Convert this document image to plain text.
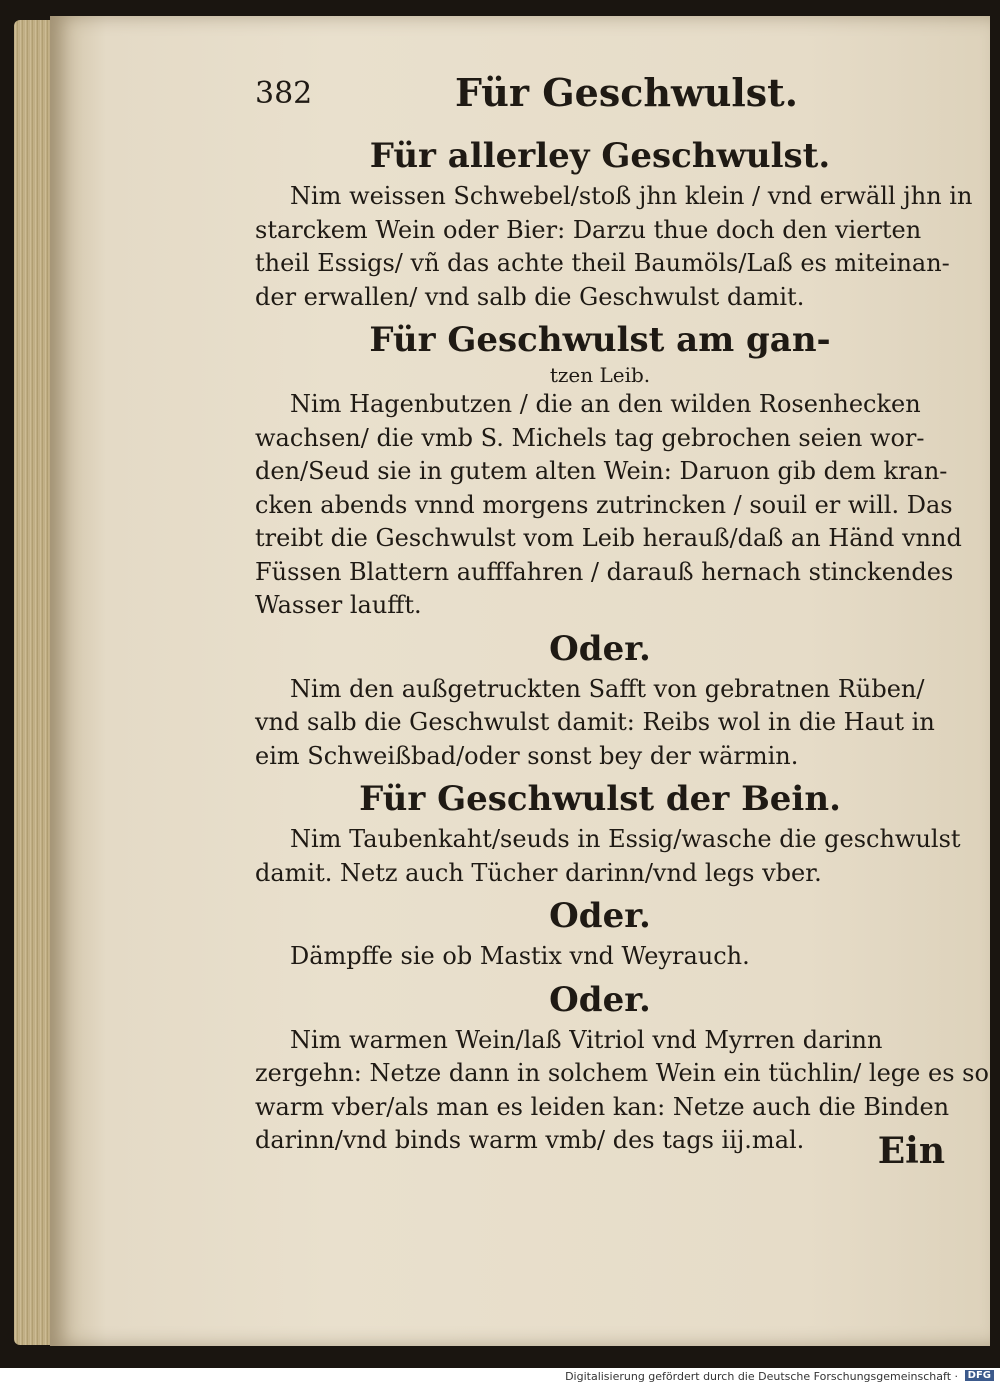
382	Für Geschwulst.
Für allerley Geschwulst.

Nim weissen Schwebel/stoß jhn klein / vnd erwäll jhn in
starckem Wein oder Bier: Darzu thue doch den vierten
theil Essigs/ vñ das achte theil Baumöls/Laß es miteinan-
der erwallen/ vnd salb die Geschwulst damit.

Für Geschwulst am gan-
tzen Leib.

Nim Hagenbutzen / die an den wilden Rosenhecken
wachsen/ die vmb S. Michels tag gebrochen seien wor-
den/Seud sie in gutem alten Wein: Daruon gib dem kran-
cken abends vnnd morgens zutrincken / souil er will. Das
treibt die Geschwulst vom Leib herauß/daß an Händ vnnd
Füssen Blattern aufffahren / darauß hernach stinckendes
Wasser laufft.

Oder.

Nim den außgetruckten Safft von gebratnen Rüben/
vnd salb die Geschwulst damit: Reibs wol in die Haut in
eim Schweißbad/oder sonst bey der wärmin.

Für Geschwulst der Bein.

Nim Taubenkaht/seuds in Essig/wasche die geschwulst
damit. Netz auch Tücher darinn/vnd legs vber.

Oder.

Dämpffe sie ob Mastix vnd Weyrauch.

Oder.

Nim warmen Wein/laß Vitriol vnd Myrren darinn
zergehn: Netze dann in solchem Wein ein tüchlin/ lege es so
warm vber/als man es leiden kan: Netze auch die Binden
darinn/vnd binds warm vmb/ des tags iij.mal.	Ein
Digitalisierung gefördert durch die Deutsche Forschungsgemeinschaft · DFG
